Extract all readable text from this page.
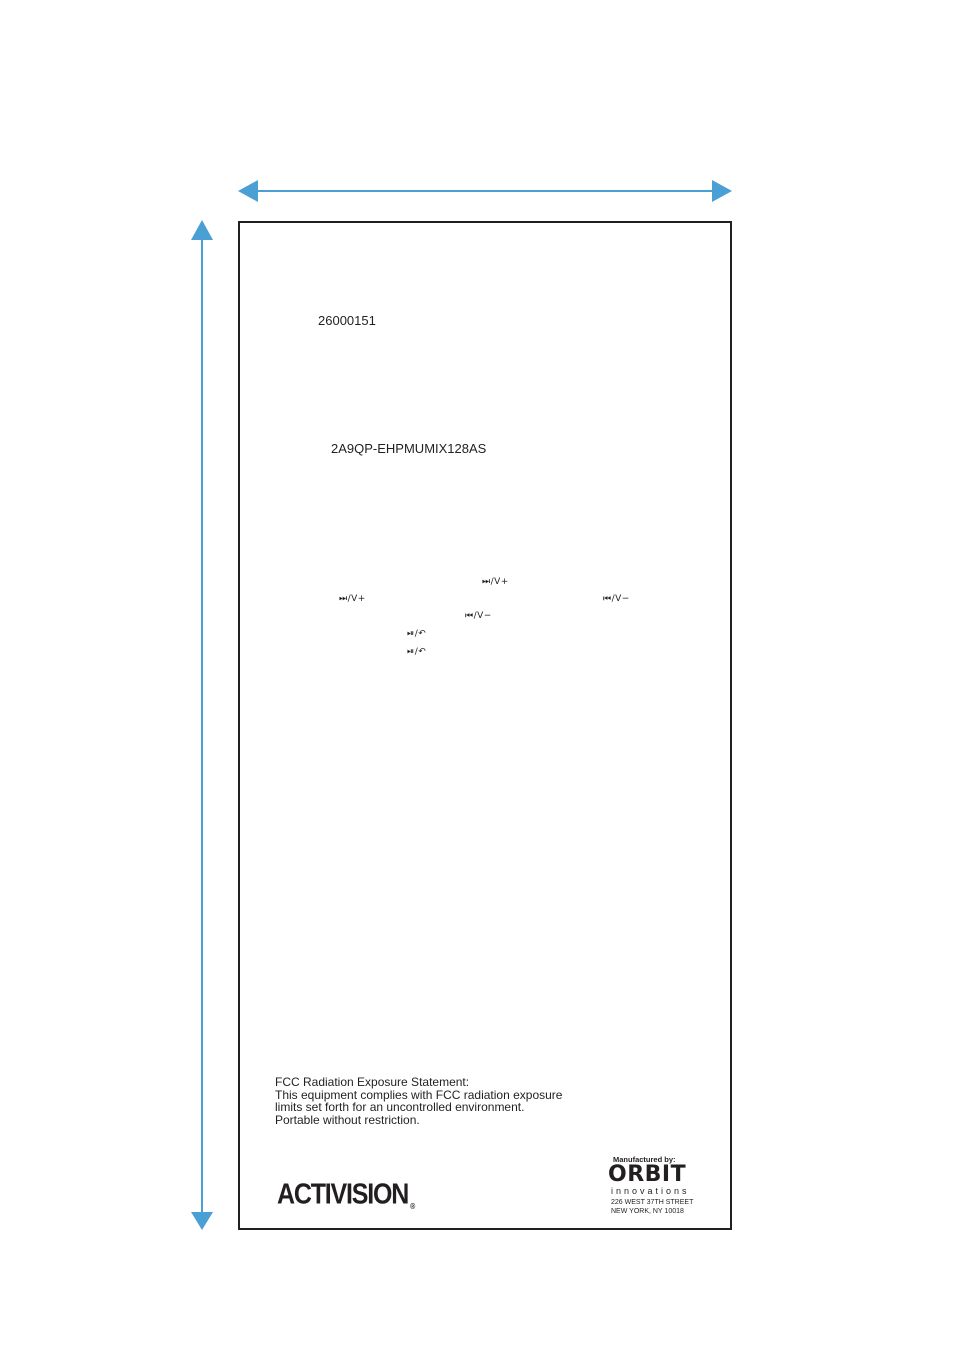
26000151
2A9QP-EHPMUMIX128AS
⏭/V+
⏭/V+	⏮/V−
⏮/V−
⏯/↶
⏯/↶
FCC Radiation Exposure Statement:
This equipment complies with FCC radiation exposure
limits set forth for an uncontrolled environment.
Portable without restriction.
ACTIVISION ®
Manufactured by:
ORBIT
innovations
226 WEST 37TH STREET
NEW YORK, NY 10018
